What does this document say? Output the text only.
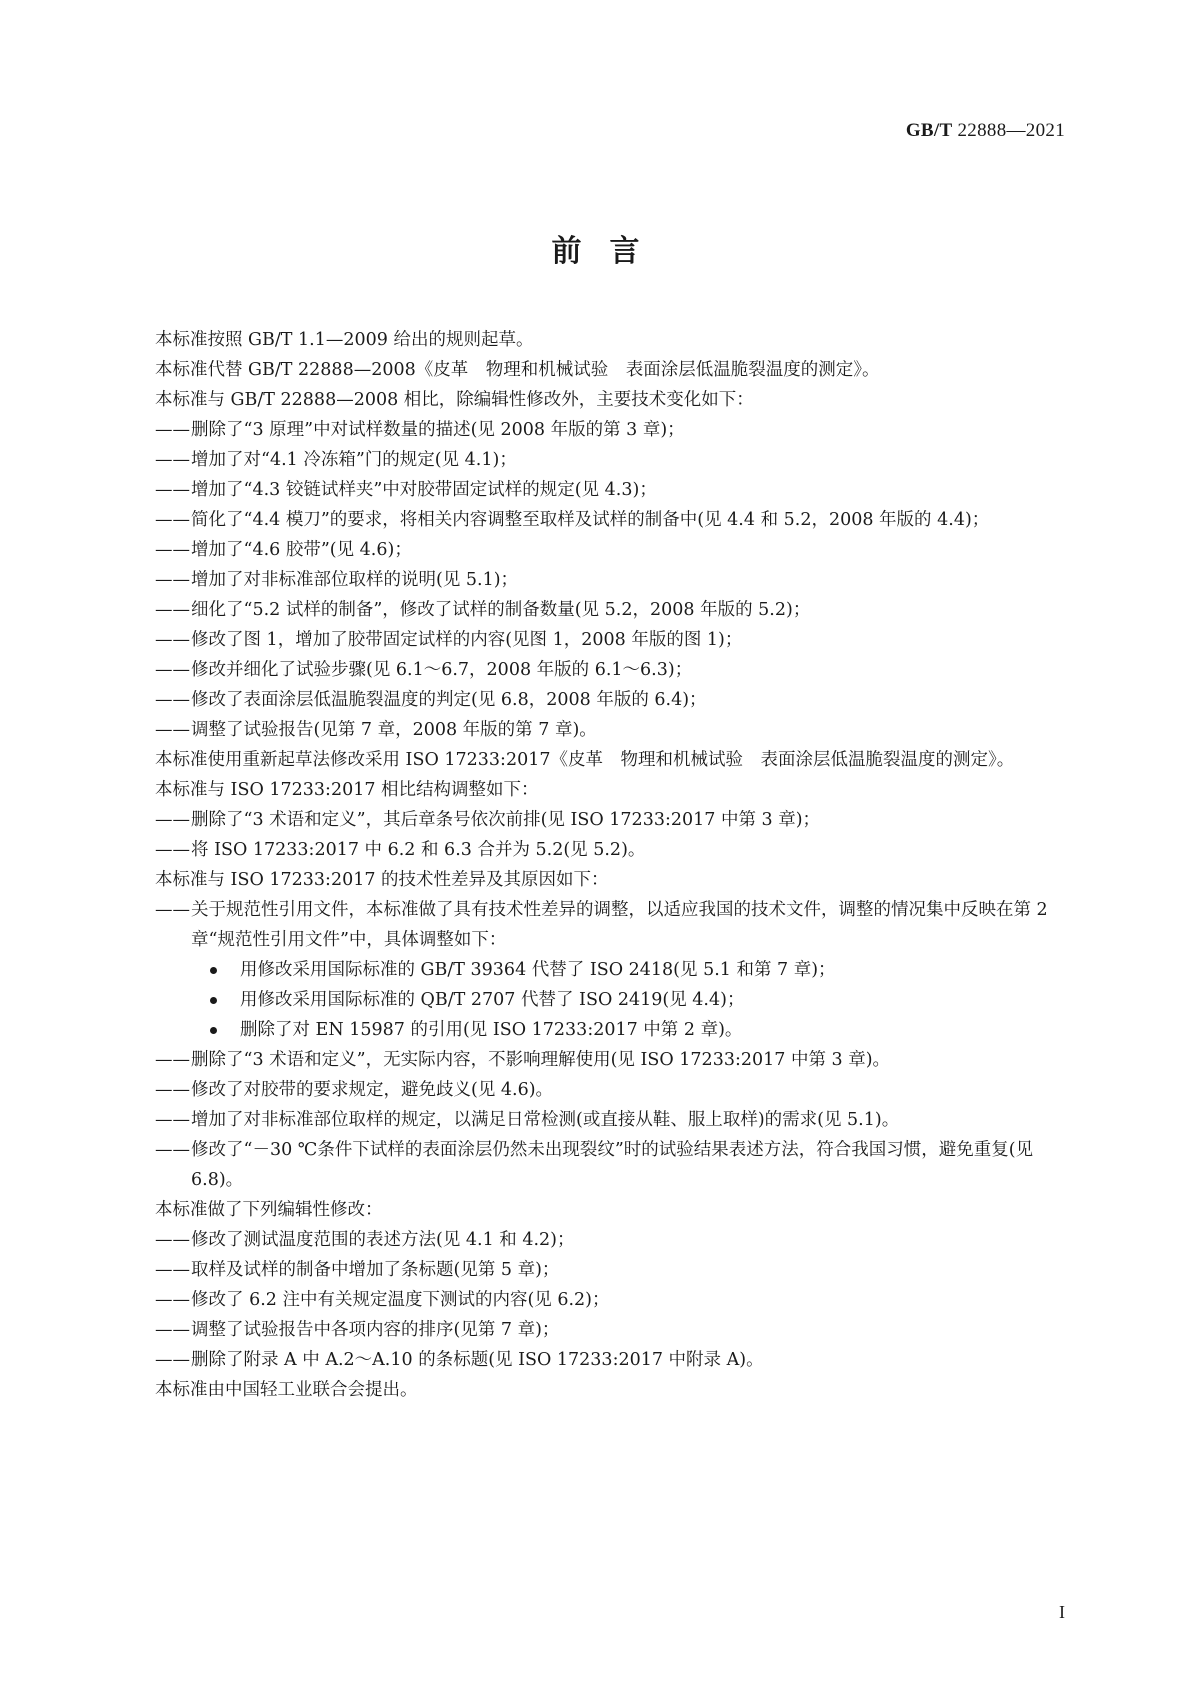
GB/T 22888—2021
前言

本标准按照 GB/T 1.1—2009 给出的规则起草。

本标准代替 GB/T 22888—2008《皮革　物理和机械试验　表面涂层低温脆裂温度的测定》。

本标准与 GB/T 22888—2008 相比，除编辑性修改外，主要技术变化如下：

——删除了“3 原理”中对试样数量的描述(见 2008 年版的第 3 章)；

——增加了对“4.1 冷冻箱”门的规定(见 4.1)；

——增加了“4.3 铰链试样夹”中对胶带固定试样的规定(见 4.3)；

——简化了“4.4 模刀”的要求，将相关内容调整至取样及试样的制备中(见 4.4 和 5.2，2008 年版的 4.4)；

——增加了“4.6 胶带”(见 4.6)；

——增加了对非标准部位取样的说明(见 5.1)；

——细化了“5.2 试样的制备”，修改了试样的制备数量(见 5.2，2008 年版的 5.2)；

——修改了图 1，增加了胶带固定试样的内容(见图 1，2008 年版的图 1)；

——修改并细化了试验步骤(见 6.1～6.7，2008 年版的 6.1～6.3)；

——修改了表面涂层低温脆裂温度的判定(见 6.8，2008 年版的 6.4)；

——调整了试验报告(见第 7 章，2008 年版的第 7 章)。

本标准使用重新起草法修改采用 ISO 17233:2017《皮革　物理和机械试验　表面涂层低温脆裂温度的测定》。

本标准与 ISO 17233:2017 相比结构调整如下：

——删除了“3 术语和定义”，其后章条号依次前排(见 ISO 17233:2017 中第 3 章)；

——将 ISO 17233:2017 中 6.2 和 6.3 合并为 5.2(见 5.2)。

本标准与 ISO 17233:2017 的技术性差异及其原因如下：

——关于规范性引用文件，本标准做了具有技术性差异的调整，以适应我国的技术文件，调整的情况集中反映在第 2 章“规范性引用文件”中，具体调整如下：

用修改采用国际标准的 GB/T 39364 代替了 ISO 2418(见 5.1 和第 7 章)；

用修改采用国际标准的 QB/T 2707 代替了 ISO 2419(见 4.4)；

删除了对 EN 15987 的引用(见 ISO 17233:2017 中第 2 章)。

——删除了“3 术语和定义”，无实际内容，不影响理解使用(见 ISO 17233:2017 中第 3 章)。

——修改了对胶带的要求规定，避免歧义(见 4.6)。

——增加了对非标准部位取样的规定，以满足日常检测(或直接从鞋、服上取样)的需求(见 5.1)。

——修改了“－30 ℃条件下试样的表面涂层仍然未出现裂纹”时的试验结果表述方法，符合我国习惯，避免重复(见 6.8)。

本标准做了下列编辑性修改：

——修改了测试温度范围的表述方法(见 4.1 和 4.2)；

——取样及试样的制备中增加了条标题(见第 5 章)；

——修改了 6.2 注中有关规定温度下测试的内容(见 6.2)；

——调整了试验报告中各项内容的排序(见第 7 章)；

——删除了附录 A 中 A.2～A.10 的条标题(见 ISO 17233:2017 中附录 A)。

本标准由中国轻工业联合会提出。

I
